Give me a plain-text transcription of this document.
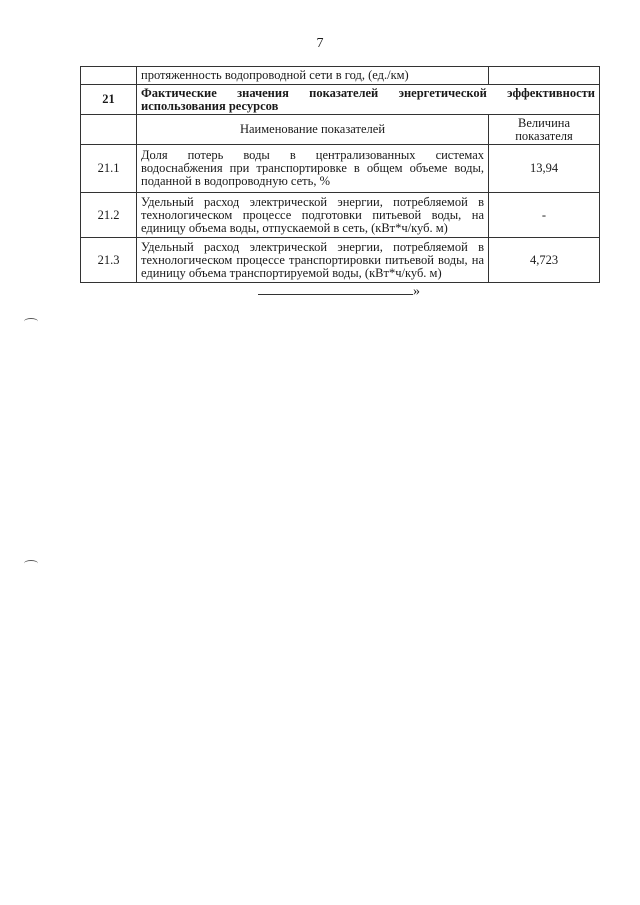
7
	протяженность водопроводной сети в год, (ед./км)	
21	Фактические значения показателей энергетической эффективности использования ресурсов	
	Наименование показателей	Величина показателя
21.1	Доля потерь воды в централизованных системах водоснабжения при транспортировке в общем объеме воды, поданной в водопроводную сеть, %	13,94
21.2	Удельный расход электрической энергии, потребляемой в технологическом процессе подготовки питьевой воды, на единицу объема воды, отпускаемой в сеть, (кВт*ч/куб. м)	-
21.3	Удельный расход электрической энергии, потребляемой в технологическом процессе транспортировки питьевой воды, на единицу объема транспортируемой воды, (кВт*ч/куб. м)	4,723
»
